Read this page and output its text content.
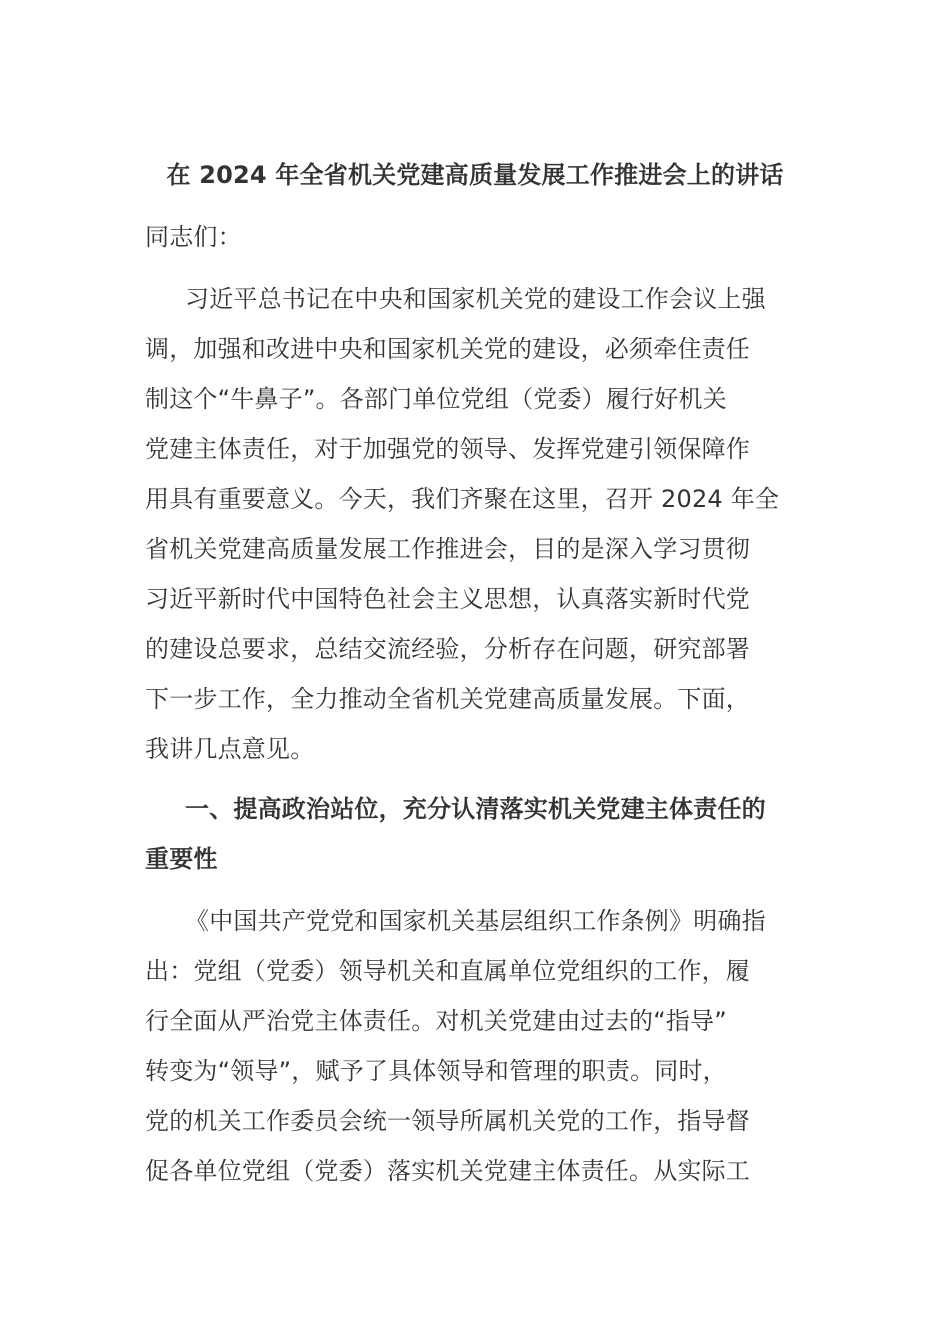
在 2024 年全省机关党建高质量发展工作推进会上的讲话
同志们：
习近平总书记在中央和国家机关党的建设工作会议上强
调，加强和改进中央和国家机关党的建设，必须牵住责任
制这个“牛鼻子”。各部门单位党组（党委）履行好机关
党建主体责任，对于加强党的领导、发挥党建引领保障作
用具有重要意义。今天，我们齐聚在这里，召开 2024 年全
省机关党建高质量发展工作推进会，目的是深入学习贯彻
习近平新时代中国特色社会主义思想，认真落实新时代党
的建设总要求，总结交流经验，分析存在问题，研究部署
下一步工作，全力推动全省机关党建高质量发展。下面，
我讲几点意见。
一、提高政治站位，充分认清落实机关党建主体责任的
重要性
《中国共产党党和国家机关基层组织工作条例》明确指
出：党组（党委）领导机关和直属单位党组织的工作，履
行全面从严治党主体责任。对机关党建由过去的“指导”
转变为“领导”，赋予了具体领导和管理的职责。同时，
党的机关工作委员会统一领导所属机关党的工作，指导督
促各单位党组（党委）落实机关党建主体责任。从实际工
